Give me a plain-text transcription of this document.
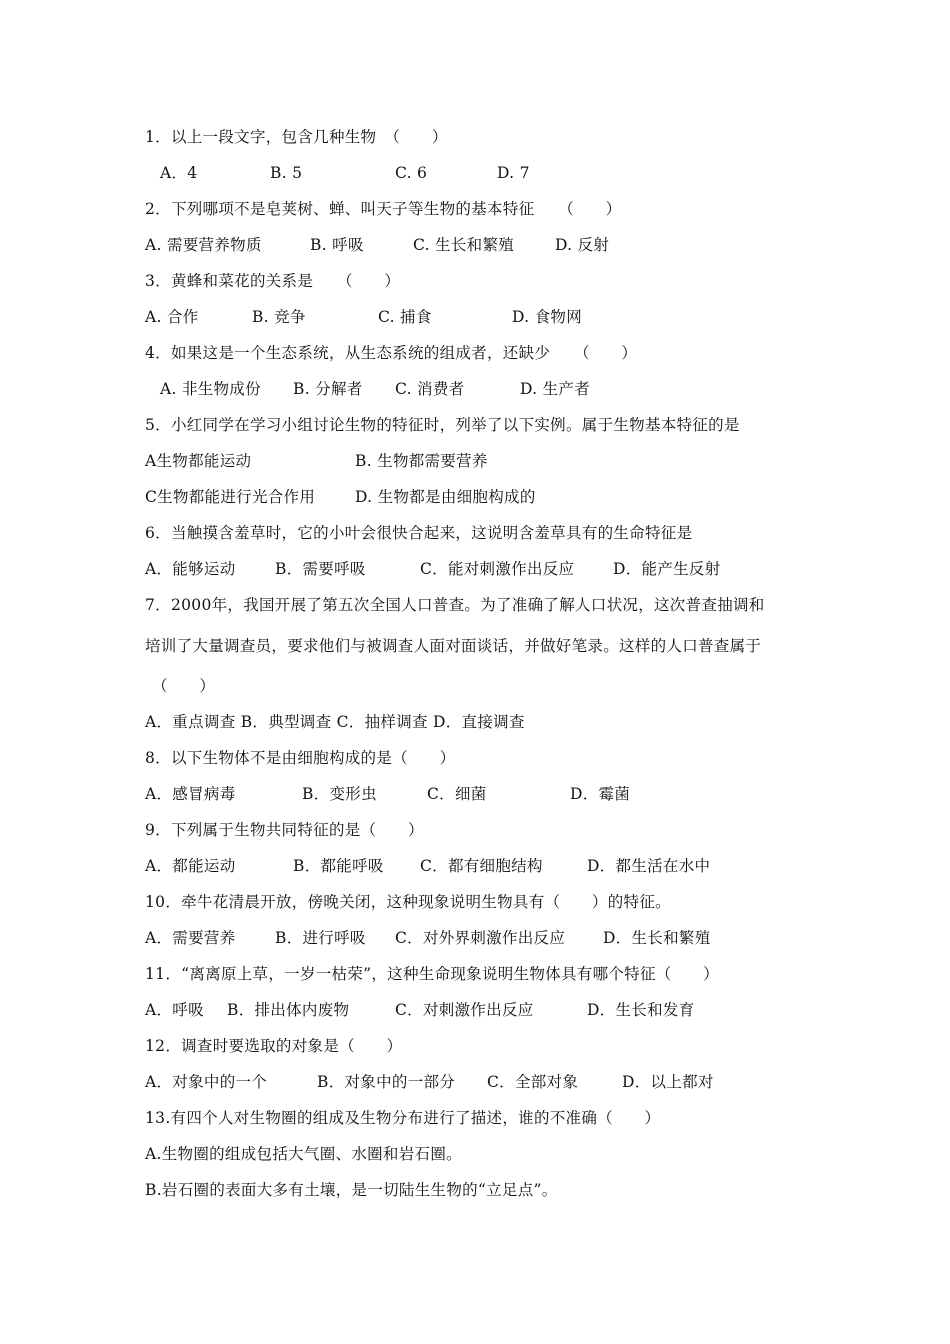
1．以上一段文字，包含几种生物　（　　）
A．4	B. 5	C. 6	D. 7
2．下列哪项不是皂荚树、蝉、叫天子等生物的基本特征　　（　　）
A. 需要营养物质	B. 呼吸	C. 生长和繁殖	D. 反射
3．黄蜂和菜花的关系是　　（　　）
A. 合作	B. 竞争	C. 捕食	D. 食物网
4．如果这是一个生态系统，从生态系统的组成者，还缺少　　（　　）
A. 非生物成份 B. 分解者 C. 消费者	D. 生产者
5．小红同学在学习小组讨论生物的特征时，列举了以下实例。属于生物基本特征的是
A生物都能运动	B. 生物都需要营养
C生物都能进行光合作用	D. 生物都是由细胞构成的
6．当触摸含羞草时，它的小叶会很快合起来，这说明含羞草具有的生命特征是
A．能够运动	B．需要呼吸	C．能对刺激作出反应 D．能产生反射
7．2000年，我国开展了第五次全国人口普查。为了准确了解人口状况，这次普查抽调和
培训了大量调查员，要求他们与被调查人面对面谈话，并做好笔录。这样的人口普查属于
（　　）
A．重点调查 B．典型调查 C．抽样调查 D．直接调查
8．以下生物体不是由细胞构成的是（　　）
A．感冒病毒	B．变形虫	C．细菌	D．霉菌
9．下列属于生物共同特征的是（　　）
A．都能运动	B．都能呼吸 C．都有细胞结构	D．都生活在水中
10．牵牛花清晨开放，傍晚关闭，这种现象说明生物具有（　　）的特征。
A．需要营养	B．进行呼吸 C．对外界刺激作出反应 D．生长和繁殖
11．“离离原上草，一岁一枯荣”，这种生命现象说明生物体具有哪个特征（　　）
A．呼吸 B．排出体内废物	C．对刺激作出反应	D．生长和发育
12．调查时要选取的对象是（　　）
A．对象中的一个	B．对象中的一部分 C．全部对象	D．以上都对
13.有四个人对生物圈的组成及生物分布进行了描述，谁的不准确（　　）
A.生物圈的组成包括大气圈、水圈和岩石圈。
B.岩石圈的表面大多有土壤，是一切陆生生物的“立足点”。
